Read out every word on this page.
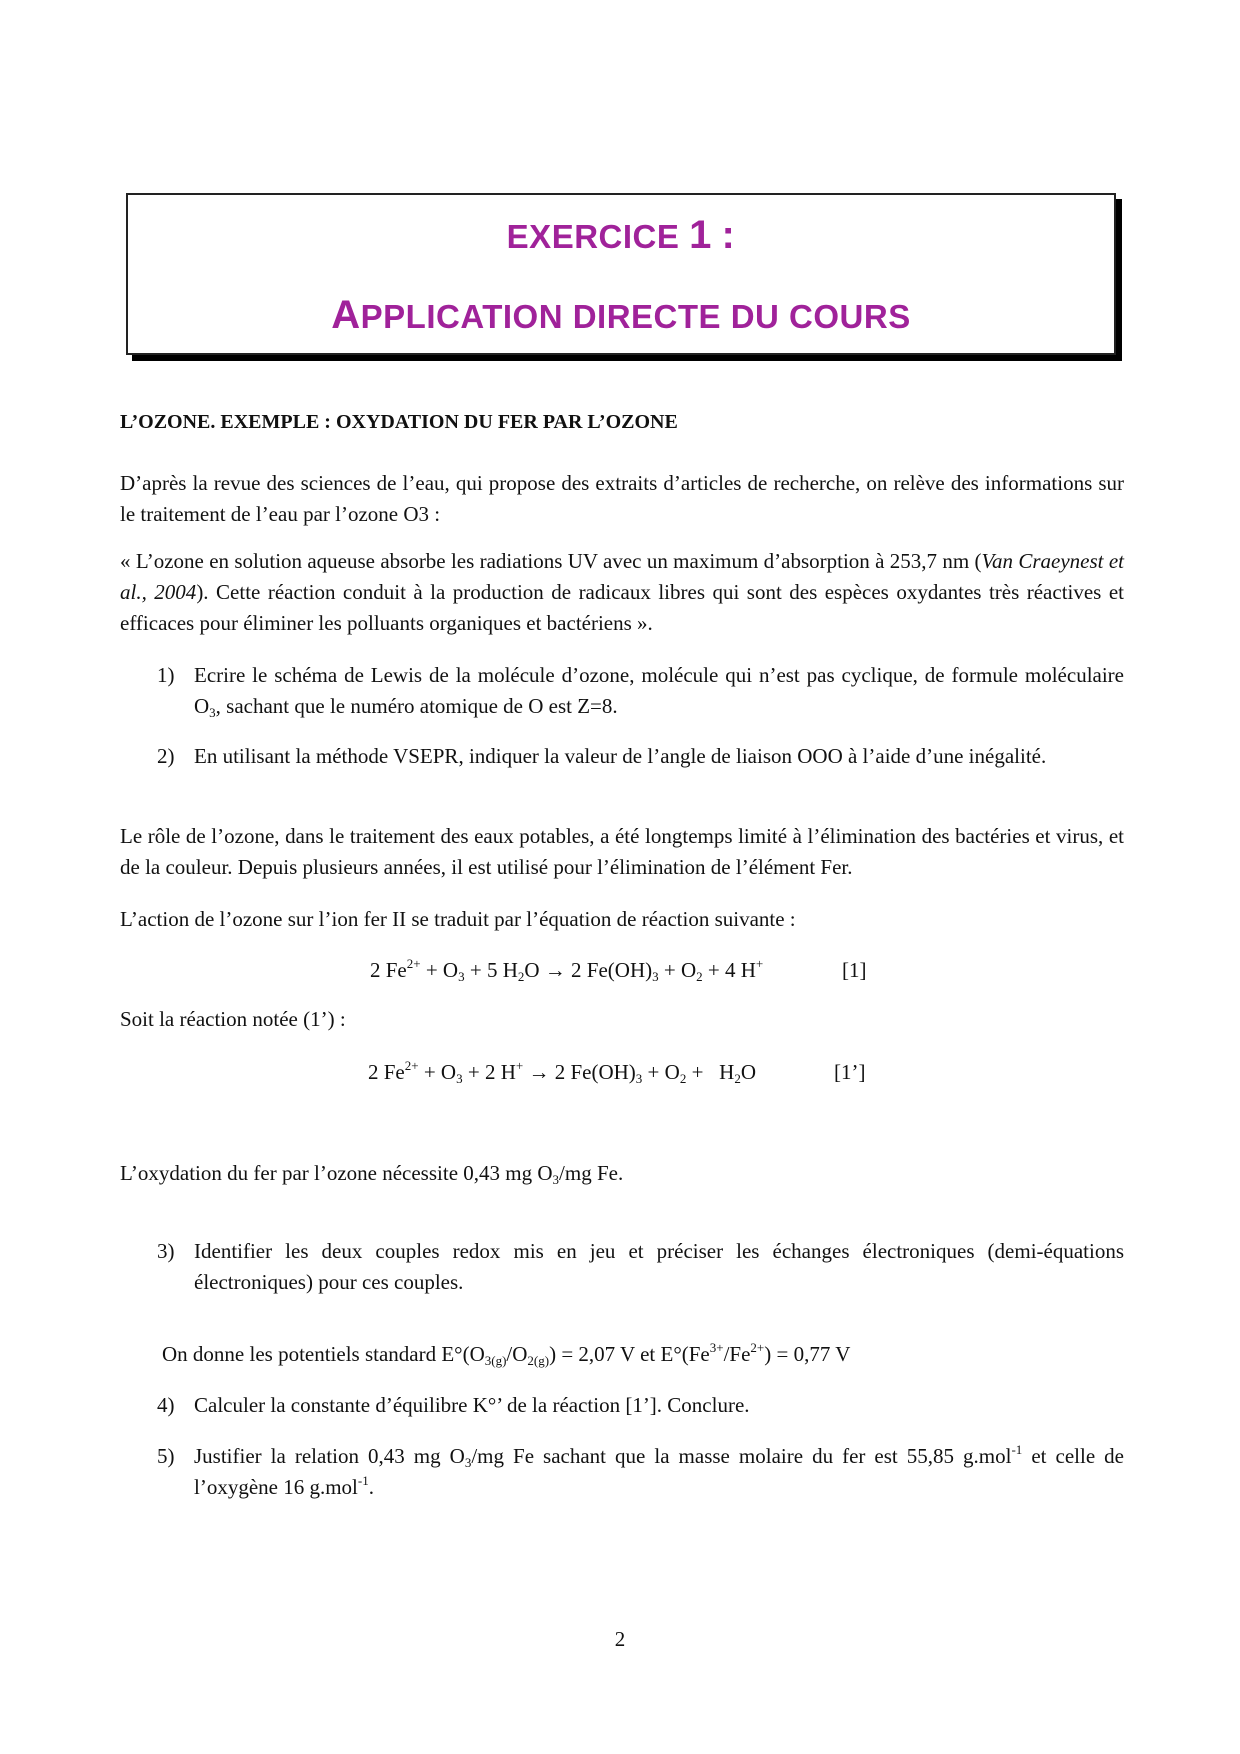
EXERCICE 1 :
APPLICATION DIRECTE DU COURS
L’OZONE. EXEMPLE : OXYDATION DU FER PAR L’OZONE
D’après la revue des sciences de l’eau, qui propose des extraits d’articles de recherche, on relève des informations sur le traitement de l’eau par l’ozone O3 :
« L’ozone en solution aqueuse absorbe les radiations UV avec un maximum d’absorption à 253,7 nm (Van Craeynest et al., 2004). Cette réaction conduit à la production de radicaux libres qui sont des espèces oxydantes très réactives et efficaces pour éliminer les polluants organiques et bactériens ».
1) Ecrire le schéma de Lewis de la molécule d’ozone, molécule qui n’est pas cyclique, de formule moléculaire $O_3$, sachant que le numéro atomique de O est Z=8.
2) En utilisant la méthode VSEPR, indiquer la valeur de l’angle de liaison OOO à l’aide d’une inégalité.
Le rôle de l’ozone, dans le traitement des eaux potables, a été longtemps limité à l’élimination des bactéries et virus, et de la couleur. Depuis plusieurs années, il est utilisé pour l’élimination de l’élément Fer.
L’action de l’ozone sur l’ion fer II se traduit par l’équation de réaction suivante :
2 $Fe^{2+} + O_3 + 5$ $H_2O \to 2$ $Fe(OH)_3 + O_2 + 4$ H+	[1]
Soit la réaction notée (1’) :
2 $Fe^{2+} + O_3 + 2$ H+ → 2 $Fe(OH)_3 + O_2 + H_2O$	[1’]
L’oxydation du fer par l’ozone nécessite 0,43 mg $O_3/mg$ Fe.
3) Identifier les deux couples redox mis en jeu et préciser les échanges électroniques (demi-équations électroniques) pour ces couples.
On donne les potentiels standard $E^\circ(O_{3(g)}/O_{2(g)}) = 2,07$ V et $E^\circ(Fe^{3+}/Fe^{2+}) = 0,77$ V
4) Calculer la constante d’équilibre K°’ de la réaction [1’]. Conclure.
5) Justifier la relation 0,43 mg $O_3/mg$ Fe sachant que la masse molaire du fer est 55,85 g.mol$^{-1}$ et celle de l’oxygène 16 g.mol$^{-1}$.
2
